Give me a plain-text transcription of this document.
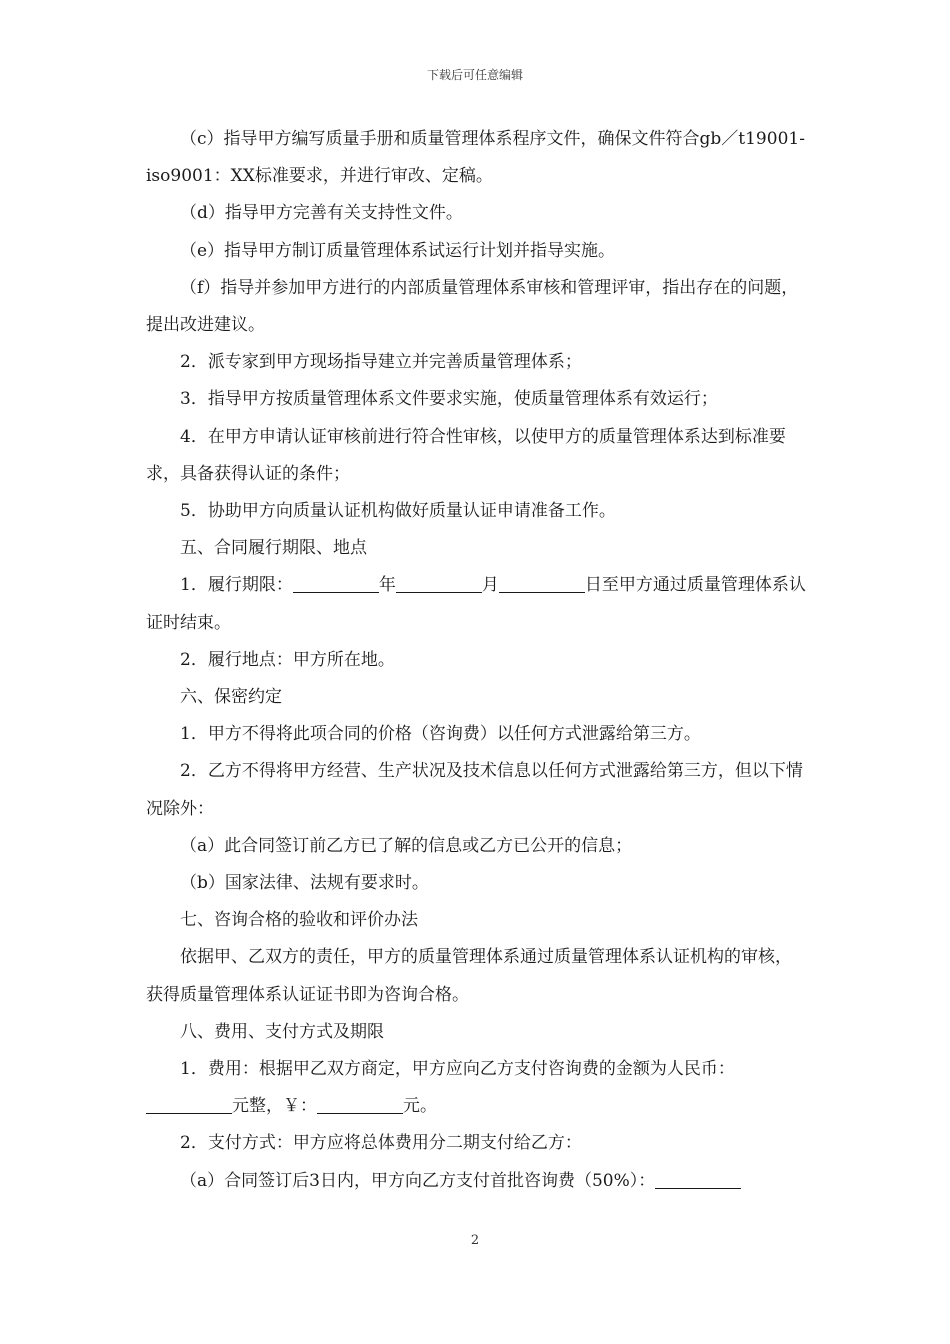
下载后可任意编辑

（c）指导甲方编写质量手册和质量管理体系程序文件，确保文件符合gb／t19001-iso9001：XX标准要求，并进行审改、定稿。

（d）指导甲方完善有关支持性文件。

（e）指导甲方制订质量管理体系试运行计划并指导实施。

（f）指导并参加甲方进行的内部质量管理体系审核和管理评审，指出存在的问题，提出改进建议。

2．派专家到甲方现场指导建立并完善质量管理体系；

3．指导甲方按质量管理体系文件要求实施，使质量管理体系有效运行；

4．在甲方申请认证审核前进行符合性审核，以使甲方的质量管理体系达到标准要求，具备获得认证的条件；

5．协助甲方向质量认证机构做好质量认证申请准备工作。

五、合同履行期限、地点

1．履行期限：	年	月	日至甲方通过质量管理体系认证时结束。

2．履行地点：甲方所在地。

六、保密约定

1．甲方不得将此项合同的价格（咨询费）以任何方式泄露给第三方。

2．乙方不得将甲方经营、生产状况及技术信息以任何方式泄露给第三方，但以下情况除外：

（a）此合同签订前乙方已了解的信息或乙方已公开的信息；

（b）国家法律、法规有要求时。

七、咨询合格的验收和评价办法

依据甲、乙双方的责任，甲方的质量管理体系通过质量管理体系认证机构的审核，获得质量管理体系认证证书即为咨询合格。

八、费用、支付方式及期限

1．费用：根据甲乙双方商定，甲方应向乙方支付咨询费的金额为人民币：元整，￥：	元。

2．支付方式：甲方应将总体费用分二期支付给乙方：

（a）合同签订后3日内，甲方向乙方支付首批咨询费（50%）：

2
